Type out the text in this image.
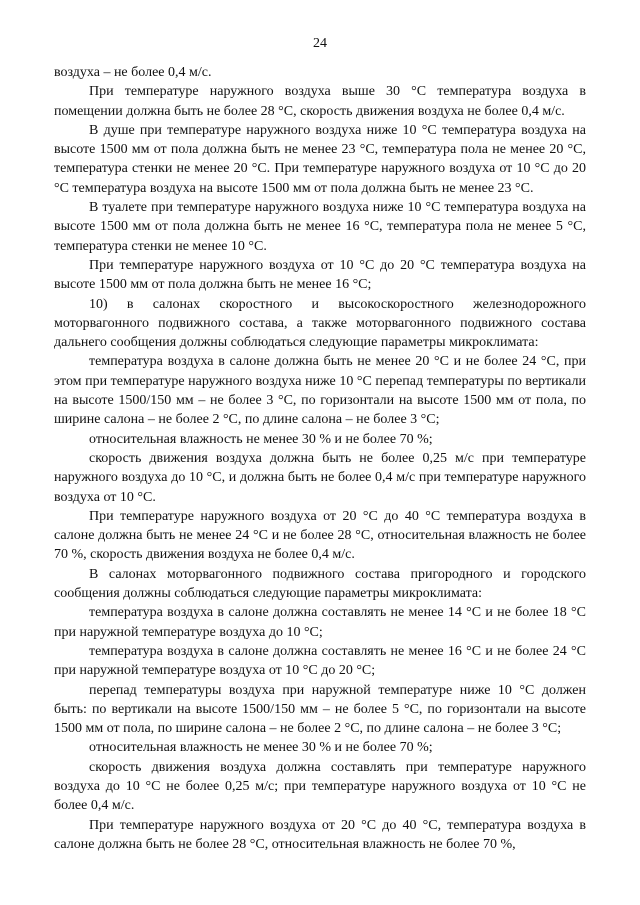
24

воздуха – не более 0,4 м/с.

При температуре наружного воздуха выше 30 °С температура воздуха в помещении должна быть не более 28 °С, скорость движения воздуха не более 0,4 м/с.

В душе при температуре наружного воздуха ниже 10 °С температура воздуха на высоте 1500 мм от пола должна быть не менее 23 °С, температура пола не менее 20 °С, температура стенки не менее 20 °С. При температуре наружного воздуха от 10 °С до 20 °С температура воздуха на высоте 1500 мм от пола должна быть не менее 23 °С.

В туалете при температуре наружного воздуха ниже 10 °С температура воздуха на высоте 1500 мм от пола должна быть не менее 16 °С, температура пола не менее 5 °С, температура стенки не менее 10 °С.

При температуре наружного воздуха от 10 °С до 20 °С температура воздуха на высоте 1500 мм от пола должна быть не менее 16 °С;

10) в салонах скоростного и высокоскоростного железнодорожного моторвагонного подвижного состава, а также моторвагонного подвижного состава дальнего сообщения должны соблюдаться следующие параметры микроклимата:

температура воздуха в салоне должна быть не менее 20 °С и не более 24 °С, при этом при температуре наружного воздуха ниже 10 °С перепад температуры по вертикали на высоте 1500/150 мм – не более 3 °С, по горизонтали на высоте 1500 мм от пола, по ширине салона – не более 2 °С, по длине салона – не более 3 °С;

относительная влажность не менее 30 % и не более 70 %;

скорость движения воздуха должна быть не более 0,25 м/с при температуре наружного воздуха до 10 °С, и должна быть не более 0,4 м/с при температуре наружного воздуха от 10 °С.

При температуре наружного воздуха от 20 °С до 40 °С температура воздуха в салоне должна быть не менее 24 °С и не более 28 °С, относительная влажность не более 70 %, скорость движения воздуха не более 0,4 м/с.

В салонах моторвагонного подвижного состава пригородного и городского сообщения должны соблюдаться следующие параметры микроклимата:

температура воздуха в салоне должна составлять не менее 14 °С и не более 18 °С при наружной температуре воздуха до 10 °С;

температура воздуха в салоне должна составлять не менее 16 °С и не более 24 °С при наружной температуре воздуха от 10 °С до 20 °С;

перепад температуры воздуха при наружной температуре ниже 10 °С должен быть: по вертикали на высоте 1500/150 мм – не более 5 °С, по горизонтали на высоте 1500 мм от пола, по ширине салона – не более 2 °С, по длине салона – не более 3 °С;

относительная влажность не менее 30 % и не более 70 %;

скорость движения воздуха должна составлять при температуре наружного воздуха до 10 °С не более 0,25 м/с; при температуре наружного воздуха от 10 °С не более 0,4 м/с.

При температуре наружного воздуха от 20 °С до 40 °С, температура воздуха в салоне должна быть не более 28 °С, относительная влажность не более 70 %,
